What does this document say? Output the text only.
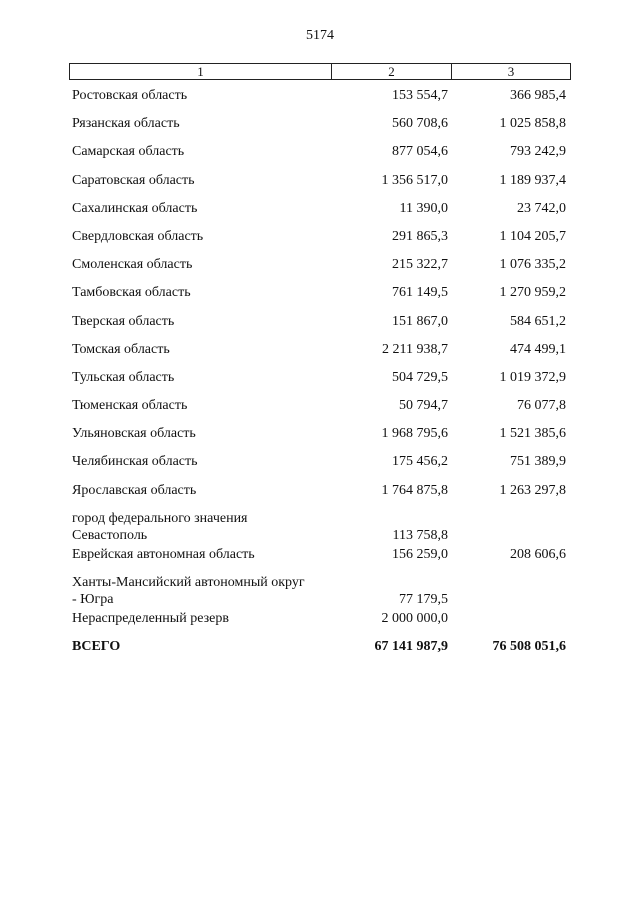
5174
1	2	3
Ростовская область	153 554,7	366 985,4
Рязанская область	560 708,6	1 025 858,8
Самарская область	877 054,6	793 242,9
Саратовская область	1 356 517,0	1 189 937,4
Сахалинская область	11 390,0	23 742,0
Свердловская область	291 865,3	1 104 205,7
Смоленская область	215 322,7	1 076 335,2
Тамбовская область	761 149,5	1 270 959,2
Тверская область	151 867,0	584 651,2
Томская область	2 211 938,7	474 499,1
Тульская область	504 729,5	1 019 372,9
Тюменская область	50 794,7	76 077,8
Ульяновская область	1 968 795,6	1 521 385,6
Челябинская область	175 456,2	751 389,9
Ярославская область	1 764 875,8	1 263 297,8
город федерального значения Севастополь	113 758,8
Еврейская автономная область	156 259,0	208 606,6
Ханты-Мансийский автономный округ - Югра	77 179,5
Нераспределенный резерв	2 000 000,0
ВСЕГО	67 141 987,9	76 508 051,6
